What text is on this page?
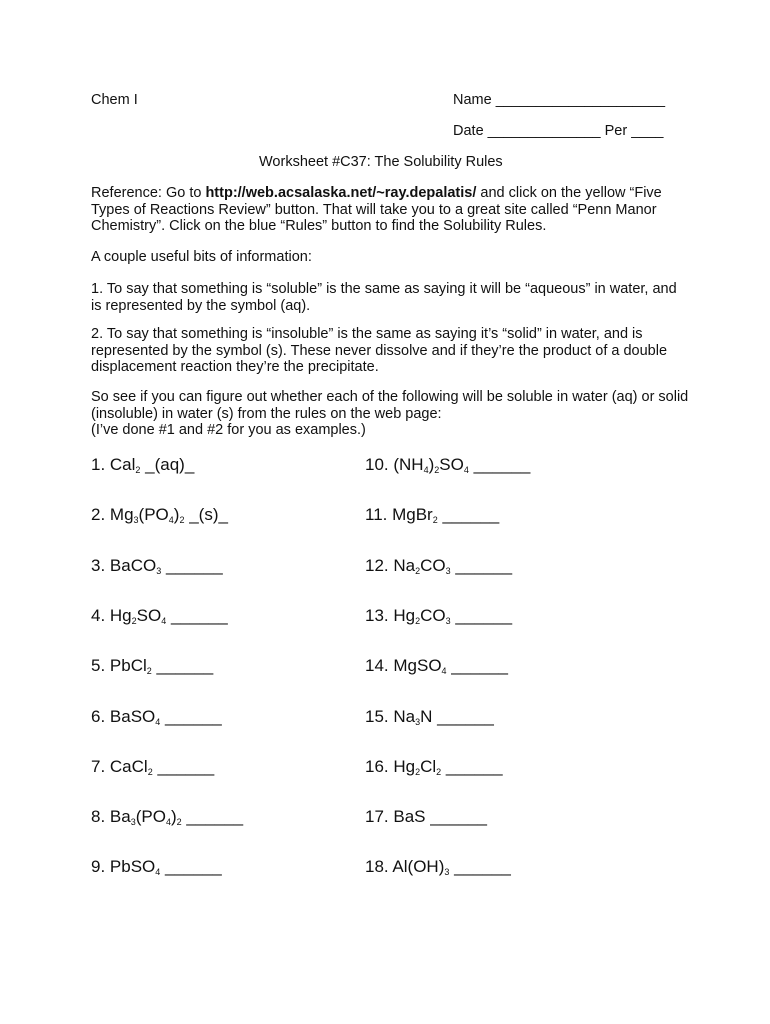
Chem I	Name _____________________
Date ______________ Per ____
Worksheet #C37: The Solubility Rules
Reference: Go to http://web.acsalaska.net/~ray.depalatis/ and click on the yellow “Five Types of Reactions Review” button. That will take you to a great site called “Penn Manor Chemistry”. Click on the blue “Rules” button to find the Solubility Rules.
A couple useful bits of information:
1. To say that something is “soluble” is the same as saying it will be “aqueous” in water, and is represented by the symbol (aq).
2. To say that something is “insoluble” is the same as saying it’s “solid” in water, and is represented by the symbol (s). These never dissolve and if they’re the product of a double displacement reaction they’re the precipitate.
So see if you can figure out whether each of the following will be soluble in water (aq) or solid (insoluble) in water (s) from the rules on the web page:
(I’ve done #1 and #2 for you as examples.)
1. Cal$_2$ _(aq)_
2. $Mg_3(PO_4)_2$ _(s)_
3. BaCO$_3$ ______
4. $Hg_2SO_4$ ______
5. PbCl$_2$ ______
6. BaSO$_4$ ______
7. CaCl$_2$ ______
8. $Ba_3(PO_4)_2$ ______
9. PbSO$_4$ ______
10. $(NH_4)_2SO_4$ ______
11. MgBr$_2$ ______
12. $Na_2CO_3$ ______
13. $Hg_2CO_3$ ______
14. MgSO$_4$ ______
15. $Na_3N$ ______
16. $Hg_2Cl_2$ ______
17. BaS ______
18. $Al(OH)_3$ ______
